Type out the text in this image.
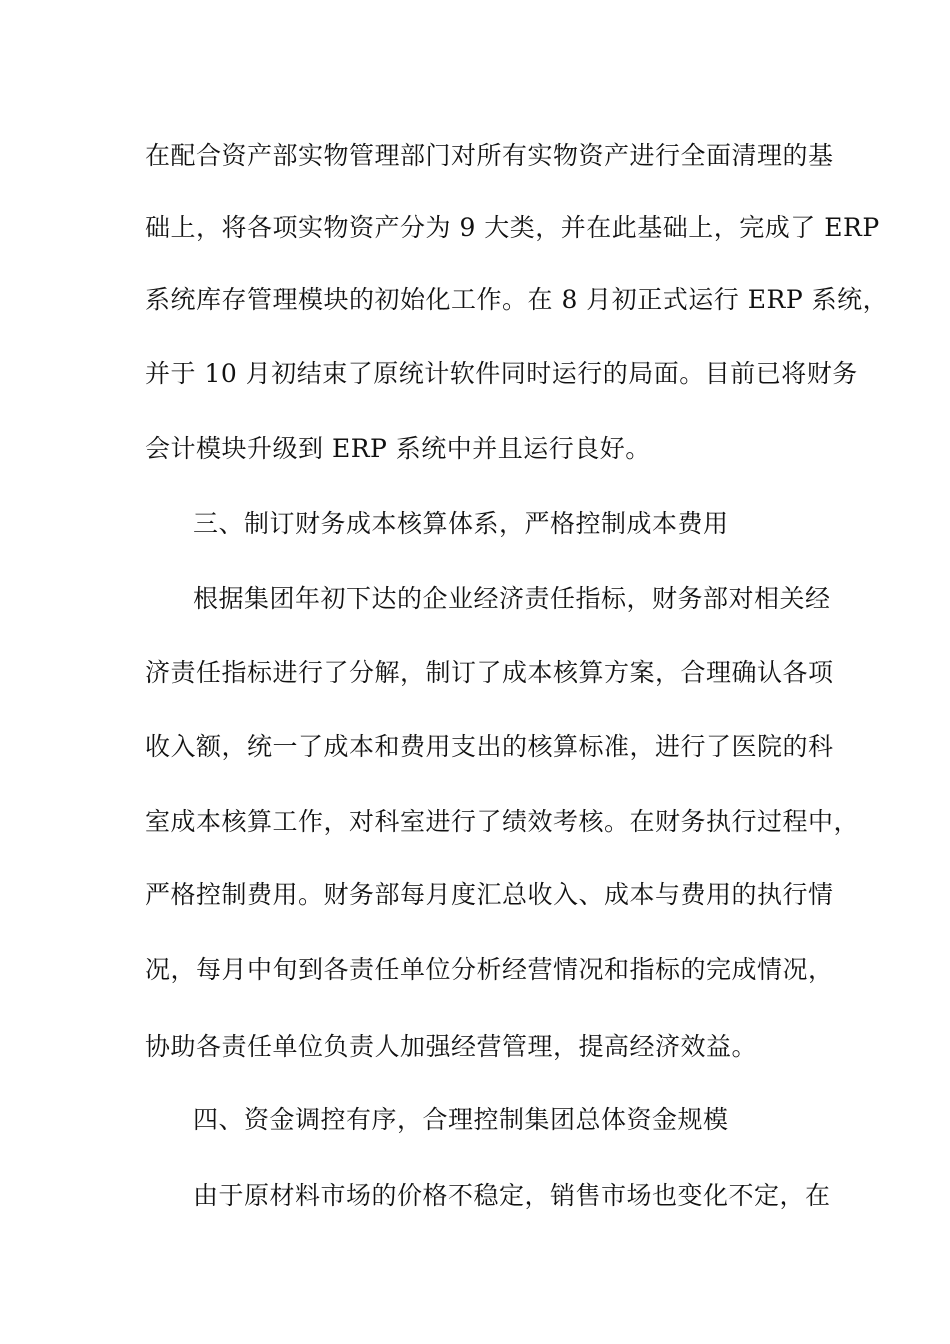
在配合资产部实物管理部门对所有实物资产进行全面清理的基
础上，将各项实物资产分为 9 大类，并在此基础上，完成了 ERP
系统库存管理模块的初始化工作。在 8 月初正式运行 ERP 系统，
并于 10 月初结束了原统计软件同时运行的局面。目前已将财务
会计模块升级到 ERP 系统中并且运行良好。
三、制订财务成本核算体系，严格控制成本费用
根据集团年初下达的企业经济责任指标，财务部对相关经
济责任指标进行了分解，制订了成本核算方案，合理确认各项
收入额，统一了成本和费用支出的核算标准，进行了医院的科
室成本核算工作，对科室进行了绩效考核。在财务执行过程中，
严格控制费用。财务部每月度汇总收入、成本与费用的执行情
况，每月中旬到各责任单位分析经营情况和指标的完成情况，
协助各责任单位负责人加强经营管理，提高经济效益。
四、资金调控有序，合理控制集团总体资金规模
由于原材料市场的价格不稳定，销售市场也变化不定，在
